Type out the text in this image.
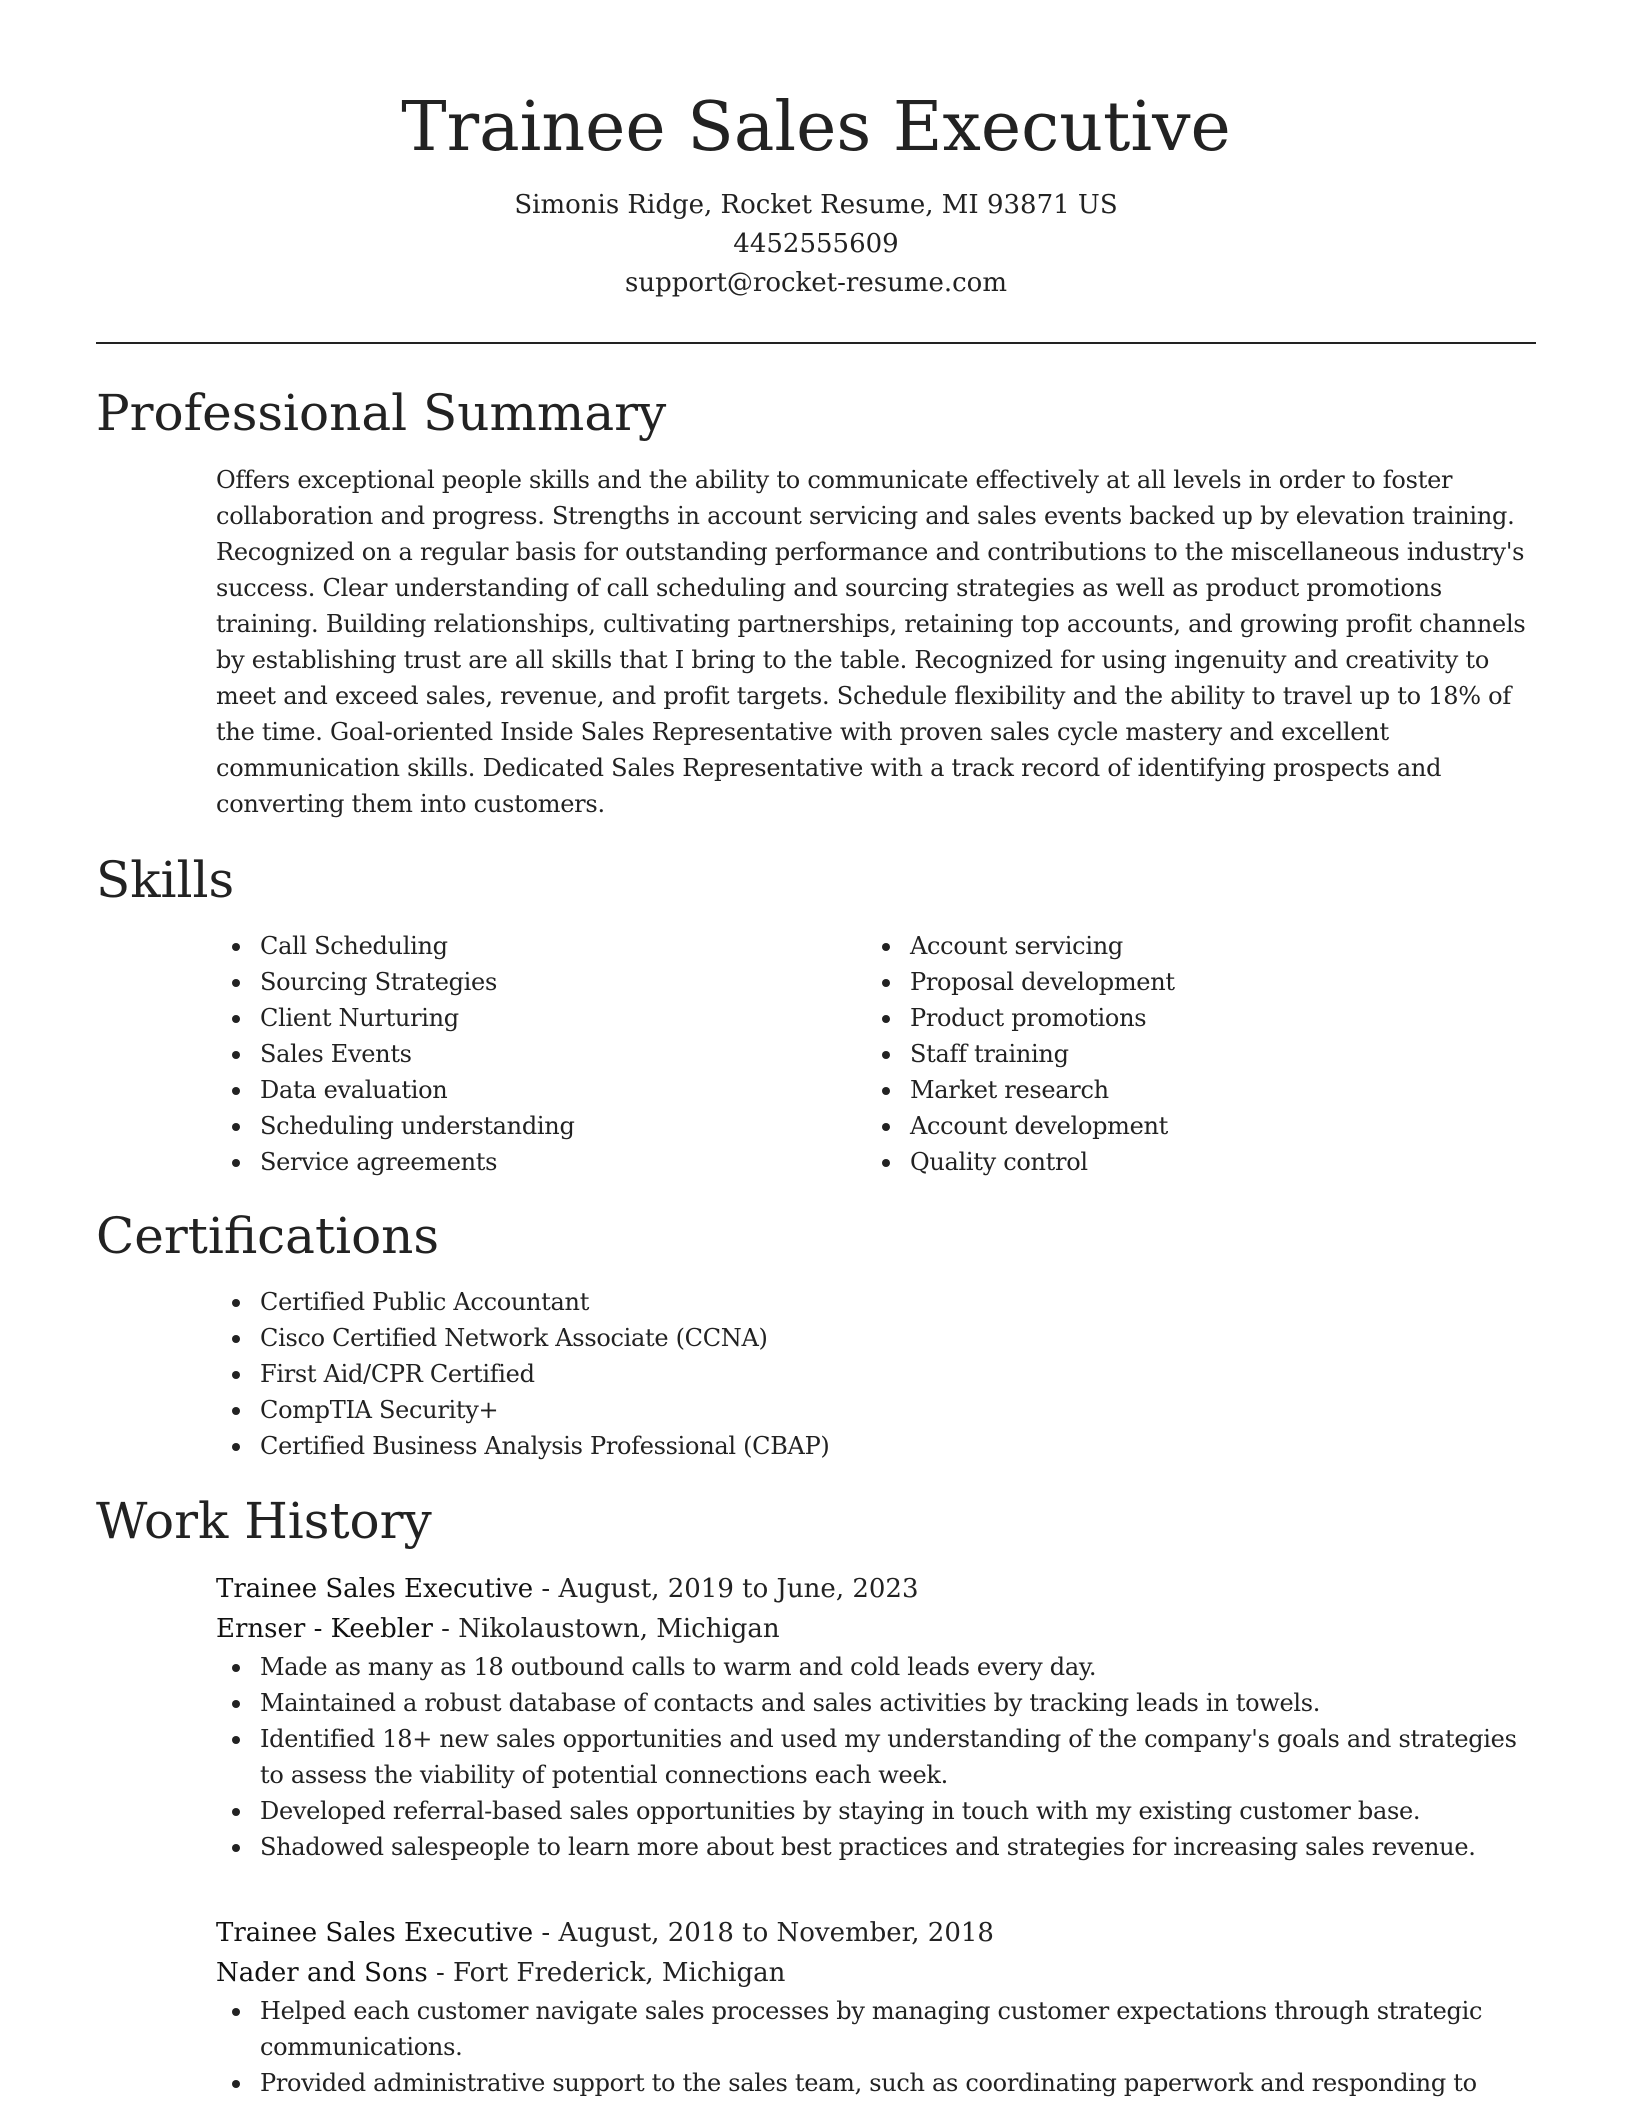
Trainee Sales Executive
Simonis Ridge, Rocket Resume, MI 93871 US
4452555609
support@rocket-resume.com
Professional Summary

Offers exceptional people skills and the ability to communicate effectively at all levels in order to foster collaboration and progress. Strengths in account servicing and sales events backed up by elevation training. Recognized on a regular basis for outstanding performance and contributions to the miscellaneous industry's success. Clear understanding of call scheduling and sourcing strategies as well as product promotions training. Building relationships, cultivating partnerships, retaining top accounts, and growing profit channels by establishing trust are all skills that I bring to the table. Recognized for using ingenuity and creativity to meet and exceed sales, revenue, and profit targets. Schedule flexibility and the ability to travel up to 18% of the time. Goal-oriented Inside Sales Representative with proven sales cycle mastery and excellent communication skills. Dedicated Sales Representative with a track record of identifying prospects and converting them into customers.

Skills
Call Scheduling
Sourcing Strategies
Client Nurturing
Sales Events
Data evaluation
Scheduling understanding
Service agreements
Account servicing
Proposal development
Product promotions
Staff training
Market research
Account development
Quality control
Certifications
Certified Public Accountant
Cisco Certified Network Associate (CCNA)
First Aid/CPR Certified
CompTIA Security+
Certified Business Analysis Professional (CBAP)
Work History
Trainee Sales Executive - August, 2019 to June, 2023
Ernser - Keebler - Nikolaustown, Michigan
Made as many as 18 outbound calls to warm and cold leads every day.
Maintained a robust database of contacts and sales activities by tracking leads in towels.
Identified 18+ new sales opportunities and used my understanding of the company's goals and strategies to assess the viability of potential connections each week.
Developed referral-based sales opportunities by staying in touch with my existing customer base.
Shadowed salespeople to learn more about best practices and strategies for increasing sales revenue.
Trainee Sales Executive - August, 2018 to November, 2018
Nader and Sons - Fort Frederick, Michigan
Helped each customer navigate sales processes by managing customer expectations through strategic communications.
Provided administrative support to the sales team, such as coordinating paperwork and responding to
